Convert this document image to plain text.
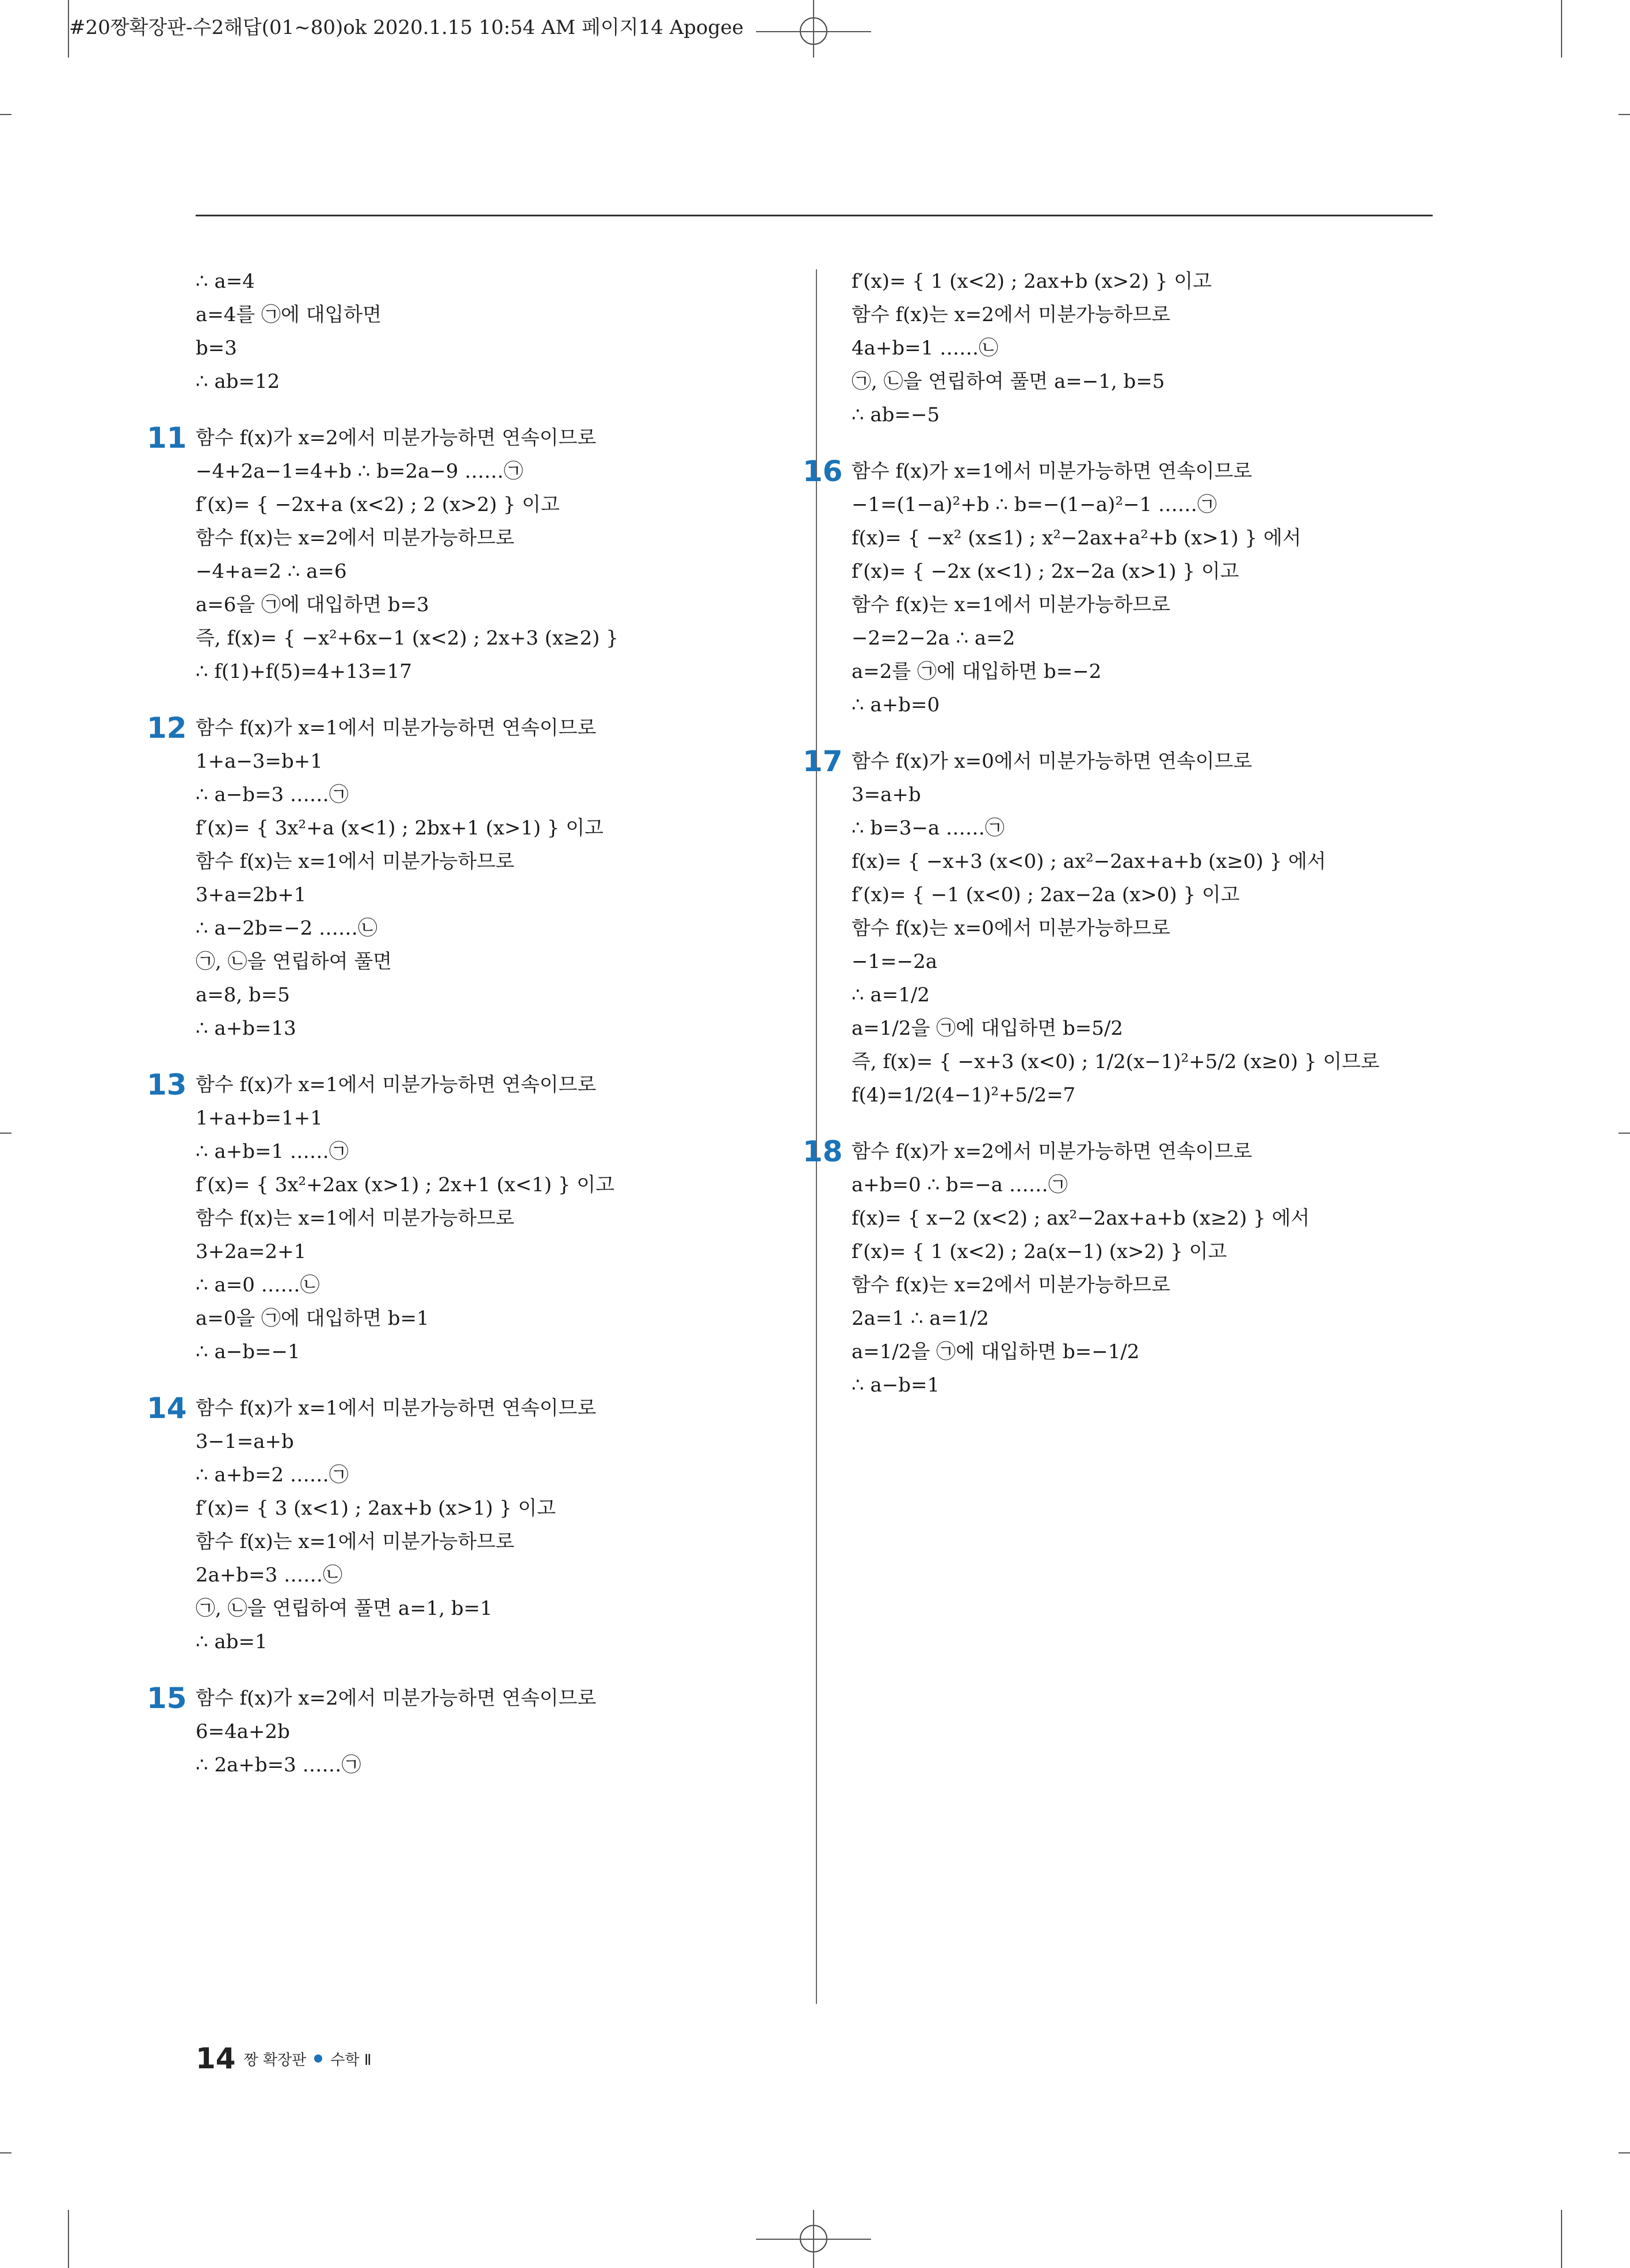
#20짱확장판-수2해답(01~80)ok 2020.1.15 10:54 AM 페이지14 Apogee
∴ a=4
a=4를 ㉠에 대입하면
b=3
∴ ab=12
11 함수 f(x)가 x=2에서 미분가능하면 연속이므로
−4+2a−1=4+b ∴ b=2a−9 ……㉠
f′(x)= { −2x+a (x<2) ; 2 (x>2) } 이고
함수 f(x)는 x=2에서 미분가능하므로
−4+a=2 ∴ a=6
a=6을 ㉠에 대입하면 b=3
즉, f(x)= { −x²+6x−1 (x<2) ; 2x+3 (x≥2) }
∴ f(1)+f(5)=4+13=17
12 함수 f(x)가 x=1에서 미분가능하면 연속이므로
1+a−3=b+1
∴ a−b=3 ……㉠
f′(x)= { 3x²+a (x<1) ; 2bx+1 (x>1) } 이고
함수 f(x)는 x=1에서 미분가능하므로
3+a=2b+1
∴ a−2b=−2 ……㉡
㉠, ㉡을 연립하여 풀면
a=8, b=5
∴ a+b=13
13 함수 f(x)가 x=1에서 미분가능하면 연속이므로
1+a+b=1+1
∴ a+b=1 ……㉠
f′(x)= { 3x²+2ax (x>1) ; 2x+1 (x<1) } 이고
함수 f(x)는 x=1에서 미분가능하므로
3+2a=2+1
∴ a=0 ……㉡
a=0을 ㉠에 대입하면 b=1
∴ a−b=−1
14 함수 f(x)가 x=1에서 미분가능하면 연속이므로
3−1=a+b
∴ a+b=2 ……㉠
f′(x)= { 3 (x<1) ; 2ax+b (x>1) } 이고
함수 f(x)는 x=1에서 미분가능하므로
2a+b=3 ……㉡
㉠, ㉡을 연립하여 풀면 a=1, b=1
∴ ab=1
15 함수 f(x)가 x=2에서 미분가능하면 연속이므로
6=4a+2b
∴ 2a+b=3 ……㉠
f′(x)= { 1 (x<2) ; 2ax+b (x>2) } 이고
함수 f(x)는 x=2에서 미분가능하므로
4a+b=1 ……㉡
㉠, ㉡을 연립하여 풀면 a=−1, b=5
∴ ab=−5
16 함수 f(x)가 x=1에서 미분가능하면 연속이므로
−1=(1−a)²+b ∴ b=−(1−a)²−1 ……㉠
f(x)= { −x² (x≤1) ; x²−2ax+a²+b (x>1) } 에서
f′(x)= { −2x (x<1) ; 2x−2a (x>1) } 이고
함수 f(x)는 x=1에서 미분가능하므로
−2=2−2a ∴ a=2
a=2를 ㉠에 대입하면 b=−2
∴ a+b=0
17 함수 f(x)가 x=0에서 미분가능하면 연속이므로
3=a+b
∴ b=3−a ……㉠
f(x)= { −x+3 (x<0) ; ax²−2ax+a+b (x≥0) } 에서
f′(x)= { −1 (x<0) ; 2ax−2a (x>0) } 이고
함수 f(x)는 x=0에서 미분가능하므로
−1=−2a
∴ a=1/2
a=1/2을 ㉠에 대입하면 b=5/2
즉, f(x)= { −x+3 (x<0) ; 1/2(x−1)²+5/2 (x≥0) } 이므로
f(4)=1/2(4−1)²+5/2=7
18 함수 f(x)가 x=2에서 미분가능하면 연속이므로
a+b=0 ∴ b=−a ……㉠
f(x)= { x−2 (x<2) ; ax²−2ax+a+b (x≥2) } 에서
f′(x)= { 1 (x<2) ; 2a(x−1) (x>2) } 이고
함수 f(x)는 x=2에서 미분가능하므로
2a=1 ∴ a=1/2
a=1/2을 ㉠에 대입하면 b=−1/2
∴ a−b=1
14 짱 확장판 수학 Ⅱ
